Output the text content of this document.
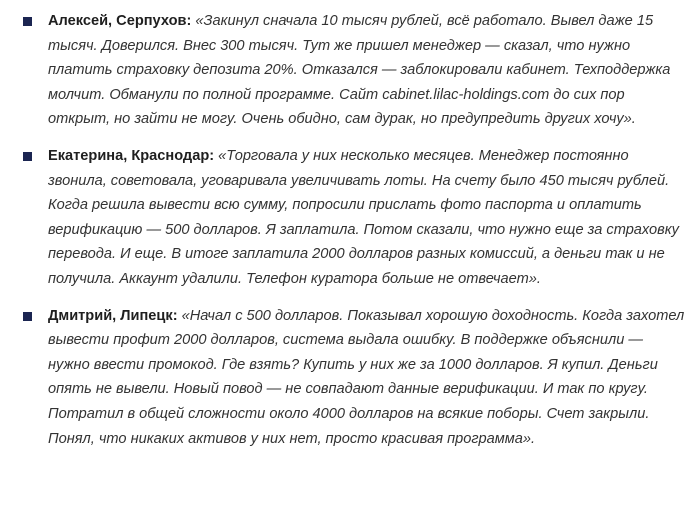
Алексей, Серпухов: «Закинул сначала 10 тысяч рублей, всё работало. Вывел даже 15 тысяч. Доверился. Внес 300 тысяч. Тут же пришел менеджер — сказал, что нужно платить страховку депозита 20%. Отказался — заблокировали кабинет. Техподдержка молчит. Обманули по полной программе. Сайт cabinet.lilac-holdings.com до сих пор открыт, но зайти не могу. Очень обидно, сам дурак, но предупредить других хочу».
Екатерина, Краснодар: «Торговала у них несколько месяцев. Менеджер постоянно звонила, советовала, уговаривала увеличивать лоты. На счету было 450 тысяч рублей. Когда решила вывести всю сумму, попросили прислать фото паспорта и оплатить верификацию — 500 долларов. Я заплатила. Потом сказали, что нужно еще за страховку перевода. И еще. В итоге заплатила 2000 долларов разных комиссий, а деньги так и не получила. Аккаунт удалили. Телефон куратора больше не отвечает».
Дмитрий, Липецк: «Начал с 500 долларов. Показывал хорошую доходность. Когда захотел вывести профит 2000 долларов, система выдала ошибку. В поддержке объяснили — нужно ввести промокод. Где взять? Купить у них же за 1000 долларов. Я купил. Деньги опять не вывели. Новый повод — не совпадают данные верификации. И так по кругу. Потратил в общей сложности около 4000 долларов на всякие поборы. Счет закрыли. Понял, что никаких активов у них нет, просто красивая программа».
